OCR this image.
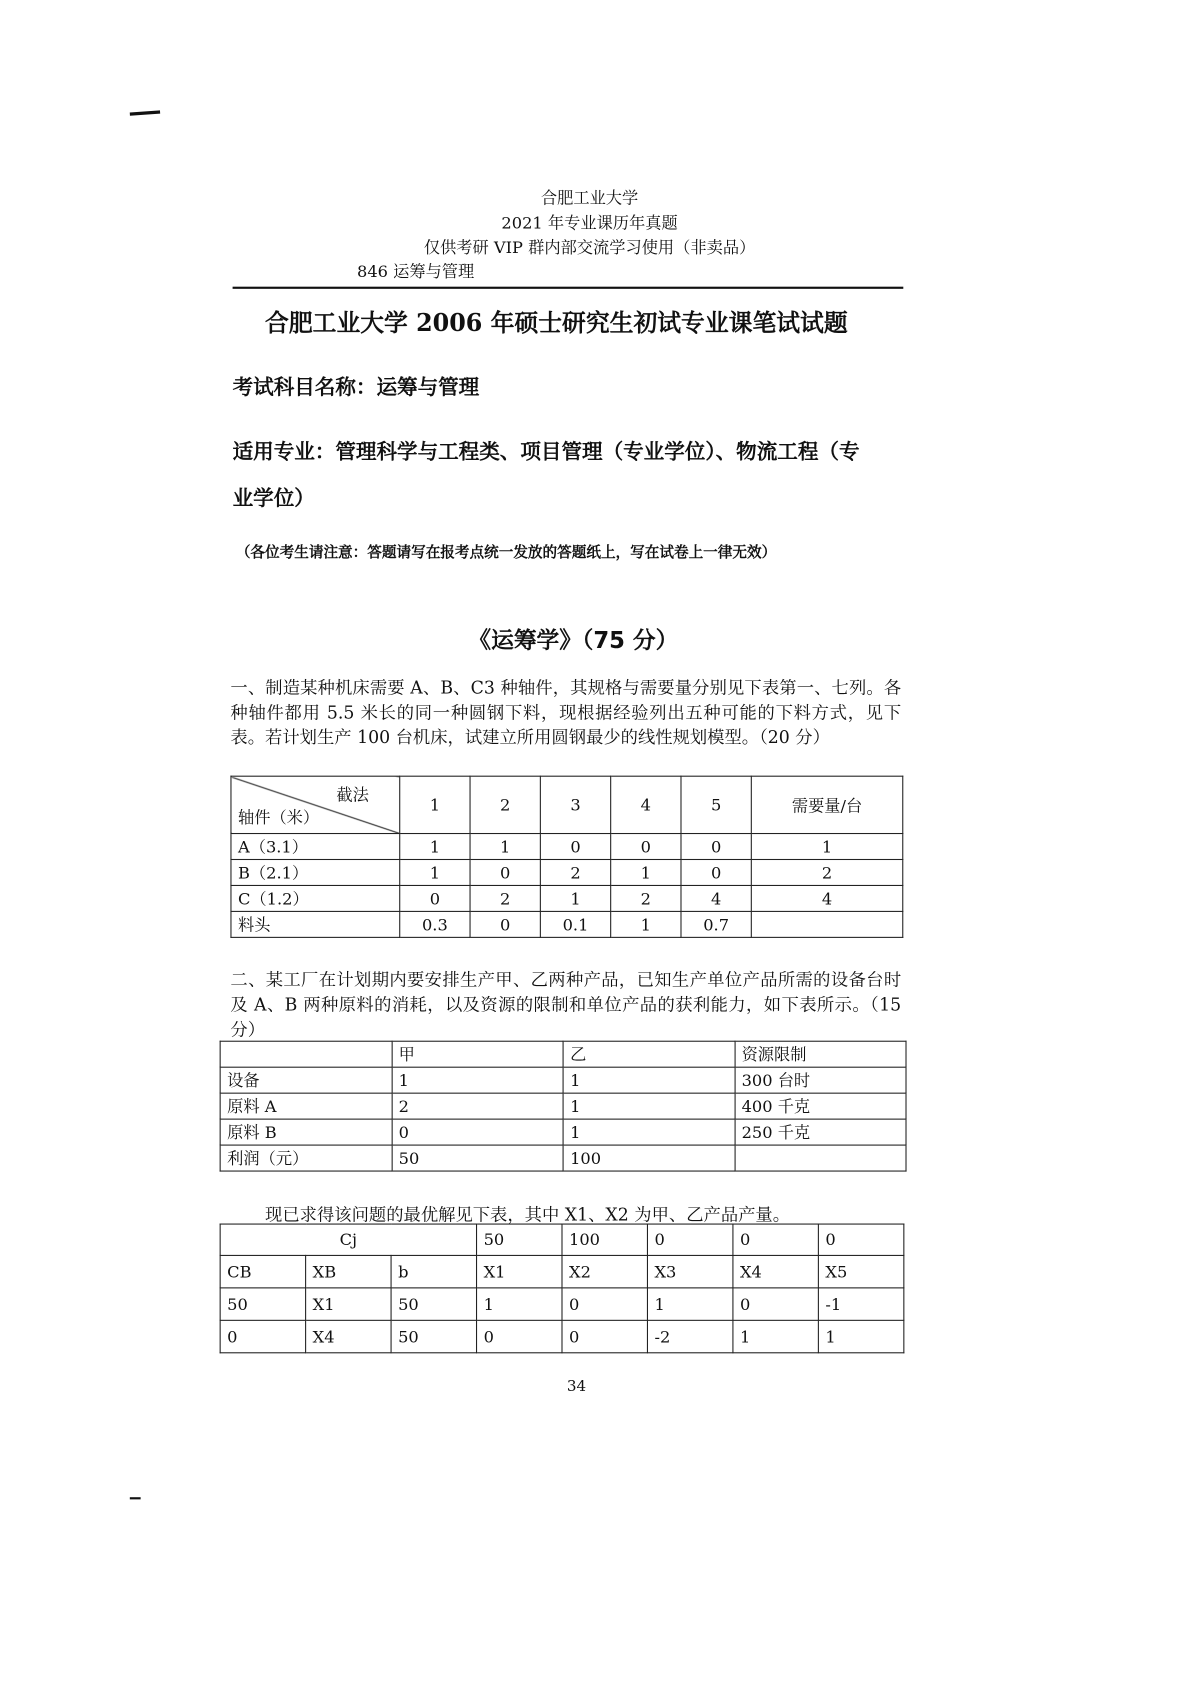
合肥工业大学
2021 年专业课历年真题
仅供考研 VIP 群内部交流学习使用（非卖品）
846 运筹与管理
合肥工业大学 2006 年硕士研究生初试专业课笔试试题
考试科目名称：运筹与管理
适用专业：管理科学与工程类、项目管理（专业学位）、物流工程（专
业学位）
（各位考生请注意：答题请写在报考点统一发放的答题纸上，写在试卷上一律无效）
《运筹学》（75 分）
一、制造某种机床需要 A、B、C3 种轴件，其规格与需要量分别见下表第一、七列。各种轴件都用 5.5 米长的同一种圆钢下料，现根据经验列出五种可能的下料方式，见下表。若计划生产 100 台机床，试建立所用圆钢最少的线性规划模型。（20 分）
截法
轴件（米）	1	2	3	4	5	需要量/台
A（3.1）	1	1	0	0	0	1
B（2.1）	1	0	2	1	0	2
C（1.2）	0	2	1	2	4	4
料头	0.3	0	0.1	1	0.7	
二、某工厂在计划期内要安排生产甲、乙两种产品，已知生产单位产品所需的设备台时及 A、B 两种原料的消耗，以及资源的限制和单位产品的获利能力，如下表所示。（15 分）
	甲	乙	资源限制
设备	1	1	300 台时
原料 A	2	1	400 千克
原料 B	0	1	250 千克
利润（元）	50	100	
现已求得该问题的最优解见下表，其中 X1、X2 为甲、乙产品产量。
Cj			50	100	0	0	0
CB	XB	b	X1	X2	X3	X4	X5
50	X1	50	1	0	1	0	-1
0	X4	50	0	0	-2	1	1
34
